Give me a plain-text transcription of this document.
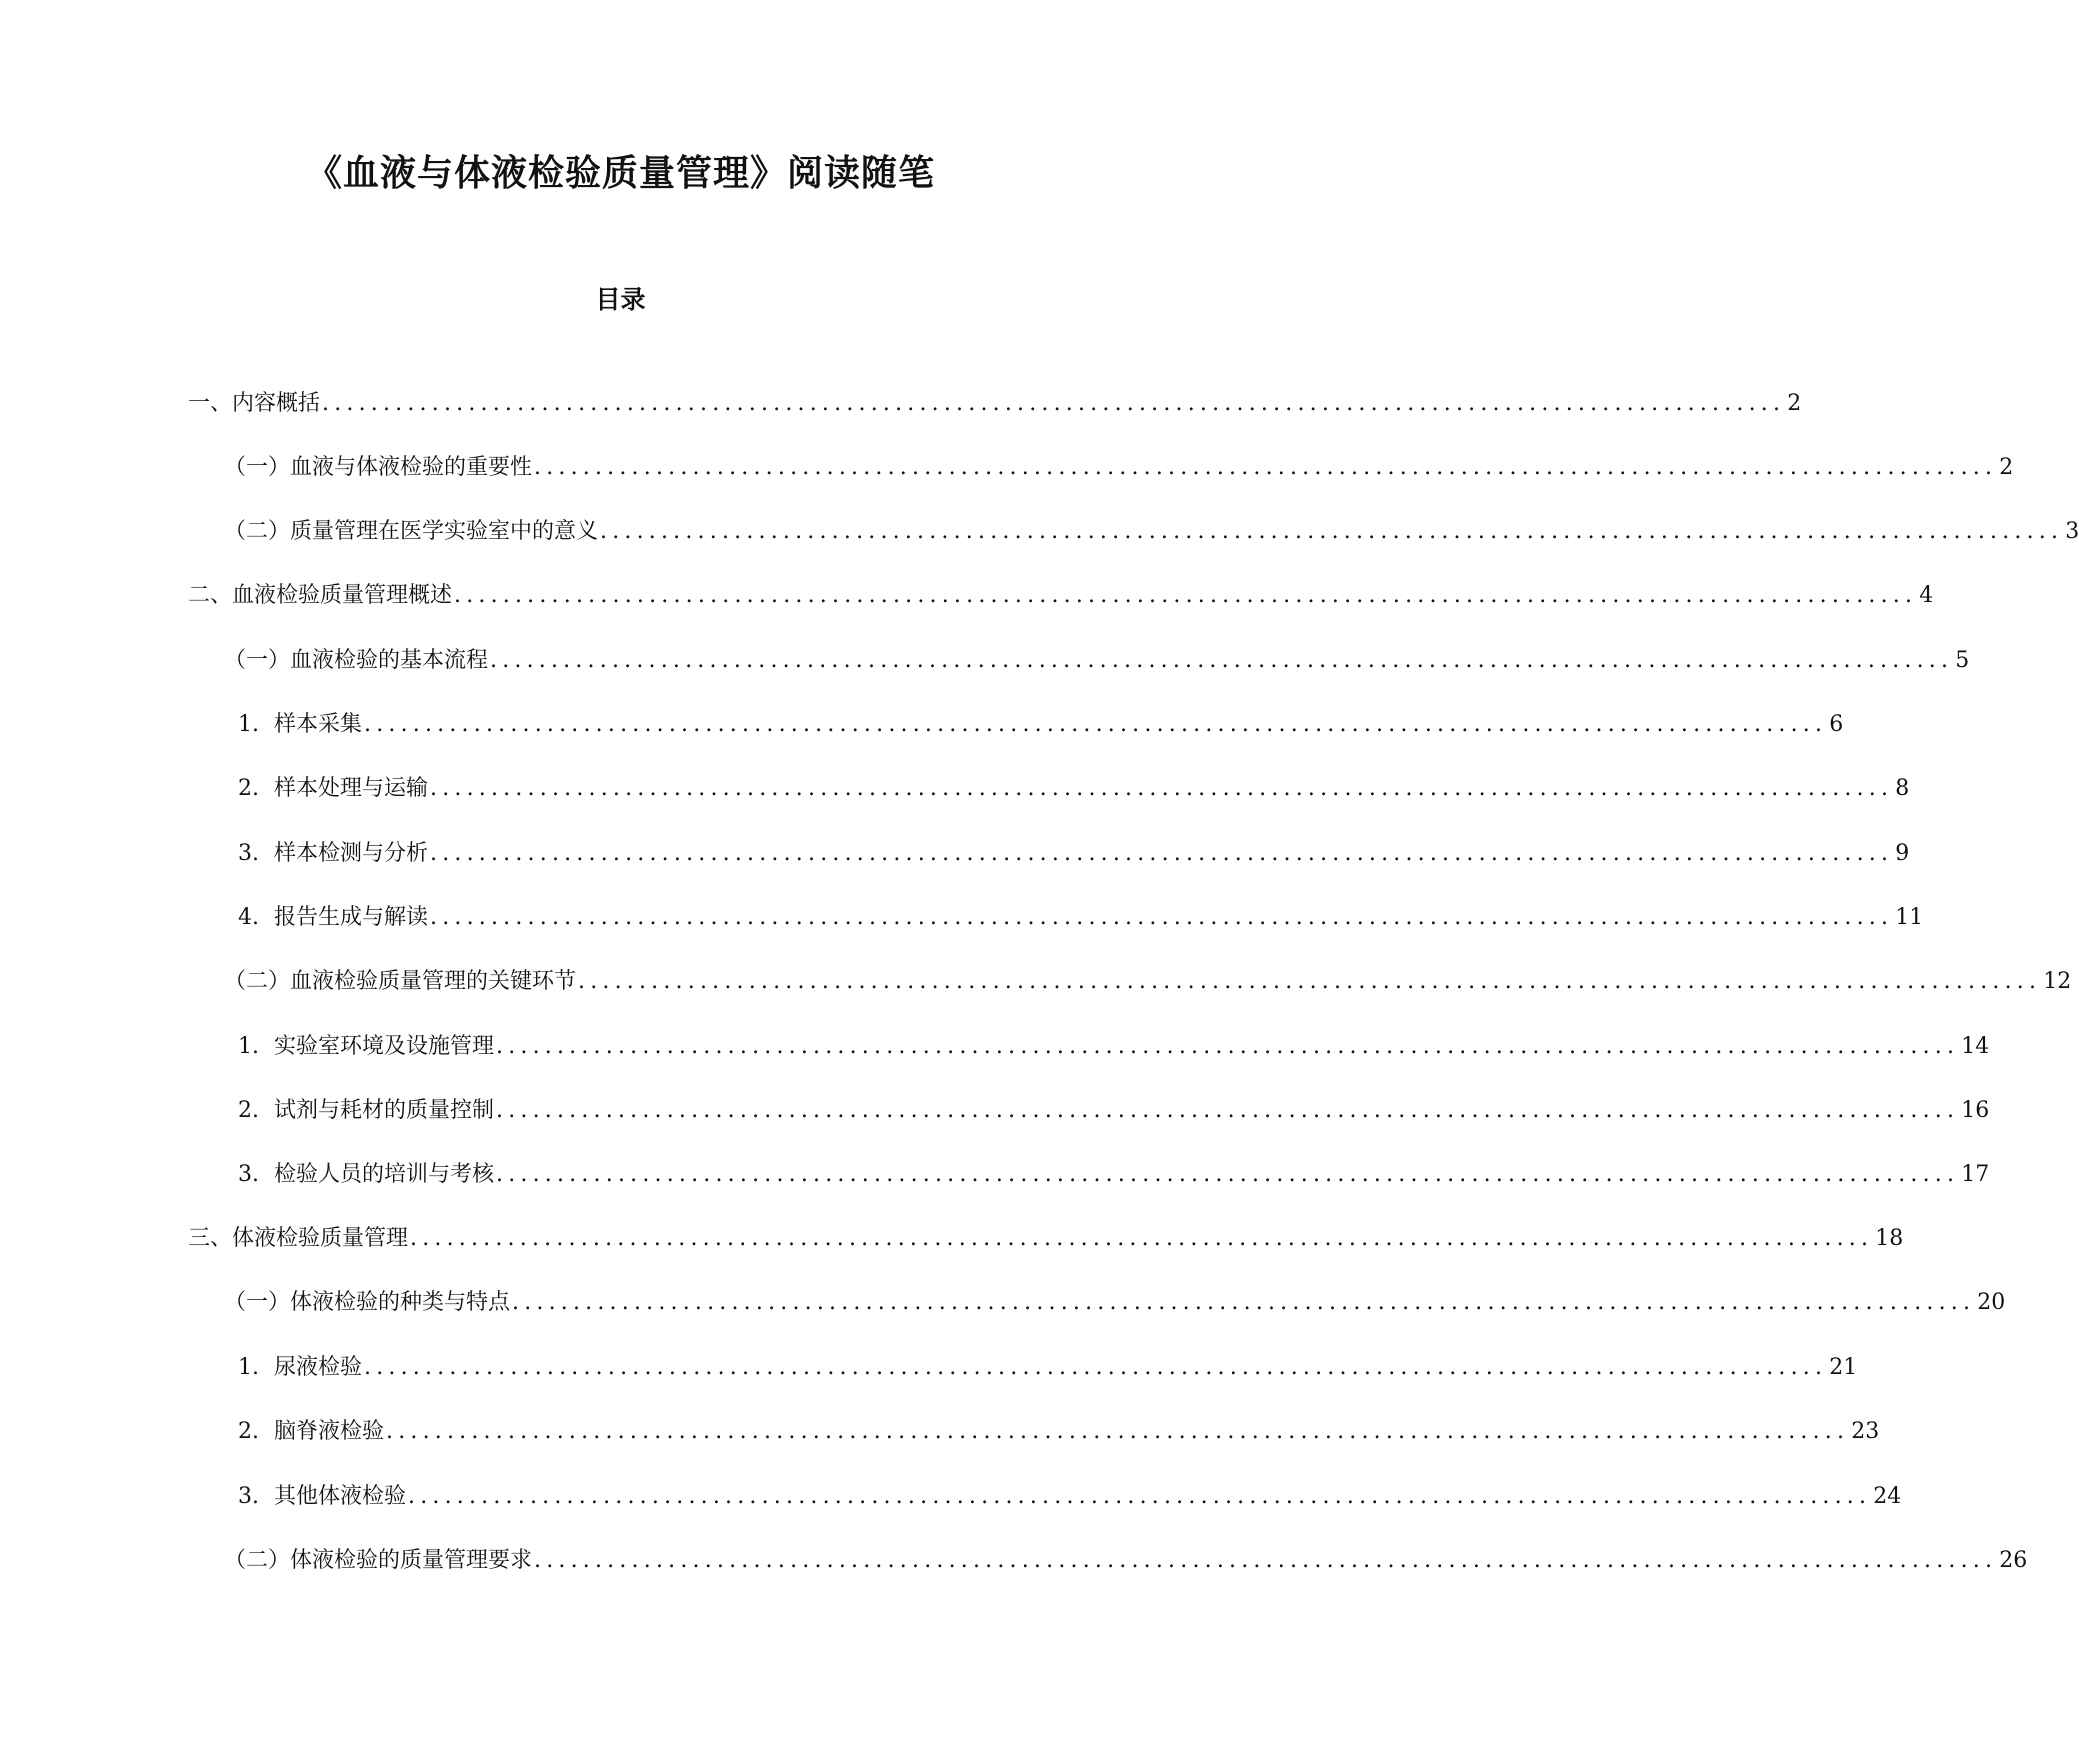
《血液与体液检验质量管理》阅读随笔
目录
一、内容概括 ........................................................................................................................ 2
（一）血液与体液检验的重要性 ........................................................................................................................ 2
（二）质量管理在医学实验室中的意义 ........................................................................................................................ 3
二、血液检验质量管理概述 ........................................................................................................................ 4
（一）血液检验的基本流程 ........................................................................................................................ 5
1. 样本采集 ........................................................................................................................ 6
2. 样本处理与运输 ........................................................................................................................ 8
3. 样本检测与分析 ........................................................................................................................ 9
4. 报告生成与解读 ........................................................................................................................ 11
（二）血液检验质量管理的关键环节 ........................................................................................................................ 12
1. 实验室环境及设施管理 ........................................................................................................................ 14
2. 试剂与耗材的质量控制 ........................................................................................................................ 16
3. 检验人员的培训与考核 ........................................................................................................................ 17
三、体液检验质量管理 ........................................................................................................................ 18
（一）体液检验的种类与特点 ........................................................................................................................ 20
1. 尿液检验 ........................................................................................................................ 21
2. 脑脊液检验 ........................................................................................................................ 23
3. 其他体液检验 ........................................................................................................................ 24
（二）体液检验的质量管理要求 ........................................................................................................................ 26
